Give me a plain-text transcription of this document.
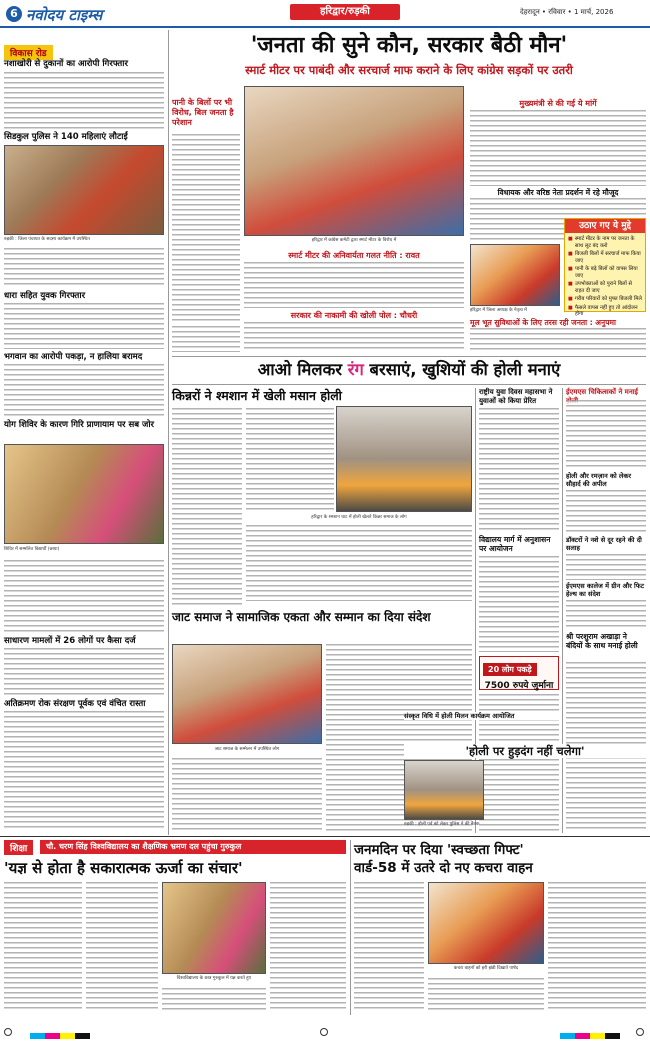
6 नवोदय टाइम्स	हरिद्वार/रुड़की	देहरादून • रविवार • 1 मार्च, 2026
विकास रोड
नशाखोरी से दुकानों का आरोपी गिरफ्तार
सिडकुल पुलिस ने 140 महिलाएं लौटाईं
रुड़की : जिला पंचायत के सदस्य कार्यक्रम में उपस्थित
धारा सहित युवक गिरफ्तार
भगवान का आरोपी पकड़ा, न हालिया बरामद
योग शिविर के कारण गिरि प्राणायाम पर सब जोर
शिविर में सम्मलित विद्यार्थी (छाया)
साधारण मामलों में 26 लोगों पर कैसा दर्ज
अतिक्रमण रोक संरक्षण पूर्वक एवं वंचित रास्ता
'जनता की सुने कौन, सरकार बैठी मौन'
स्मार्ट मीटर पर पाबंदी और सरचार्ज माफ कराने के लिए कांग्रेस सड़कों पर उतरी
पानी के बिलों पर भी विरोध, बिल जनता है परेशान
हरिद्वार में कांग्रेस कमेटी द्वारा स्मार्ट मीटर के विरोध में
मुख्यमंत्री से की गई ये मांगें
विधायक और वरिष्ठ नेता प्रदर्शन में रहे मौजूद
स्मार्ट मीटर की अनिवार्यता गलत नीति : रावत
सरकार की नाकामी की खोली पोल : चौधरी
हरिद्वार में जिला अध्यक्ष के नेतृत्व में
उठाए गए ये मुद्दे
■ स्मार्ट मीटर के नाम पर जनता के साथ लूट बंद करो
■ बिजली बिलों में सरचार्ज माफ किया जाए
■ पानी के बढ़े बिलों को वापस लिया जाए
■ उपभोक्ताओं को पुराने बिलों से राहत दी जाए
■ गरीब परिवारों को मुफ्त बिजली मिले
■ फैसले वापस नहीं हुए तो आंदोलन होगा
मूल भूत सुविधाओं के लिए तरस रही जनता : अनुपमा
आओ मिलकर रंग बरसाएं, खुशियों की होली मनाएं
किन्नरों ने श्मशान में खेली मसान होली
हरिद्वार के श्मशान घाट में होली खेलते किन्नर समाज के लोग
जाट समाज ने सामाजिक एकता और सम्मान का दिया संदेश
जाट समाज के सम्मेलन में उपस्थित लोग
राष्ट्रीय युवा दिवस महासभा ने युवाओं को किया प्रेरित
विद्यालय मार्ग में अनुशासन पर आयोजन
20 लोग पकड़े
7500 रुपये जुर्माना
ईएमएस चिकित्सकों ने मनाई
होली और रमज़ान को लेकर सौहार्द की अपील
डॉक्टरों ने नशे से दूर रहने की दी सलाह
ईएमएस कालेज में ग्रीन और फिट हेल्थ का संदेश
श्री परशुराम अखाड़ा ने बंदियों के साथ मनाई होली
शिक्षा	चौ. चरण सिंह विश्वविद्यालय का शैक्षणिक भ्रमण दल पहुंचा गुरुकुल
'यज्ञ से होता है सकारात्मक ऊर्जा का संचार'
विश्वविद्यालय के छात्र गुरुकुल में यज्ञ करते हुए
जनमदिन पर दिया 'स्वच्छता गिफ्ट'
वार्ड-58 में उतरे दो नए कचरा वाहन
कचरा वाहनों को हरी झंडी दिखाते पार्षद
'होली पर हुड़दंग नहीं चलेगा'
रुड़की : होली पर्व को लेकर पुलिस ने की बैठक
संस्कृत विधि में होली मिलन कार्यक्रम आयोजित
